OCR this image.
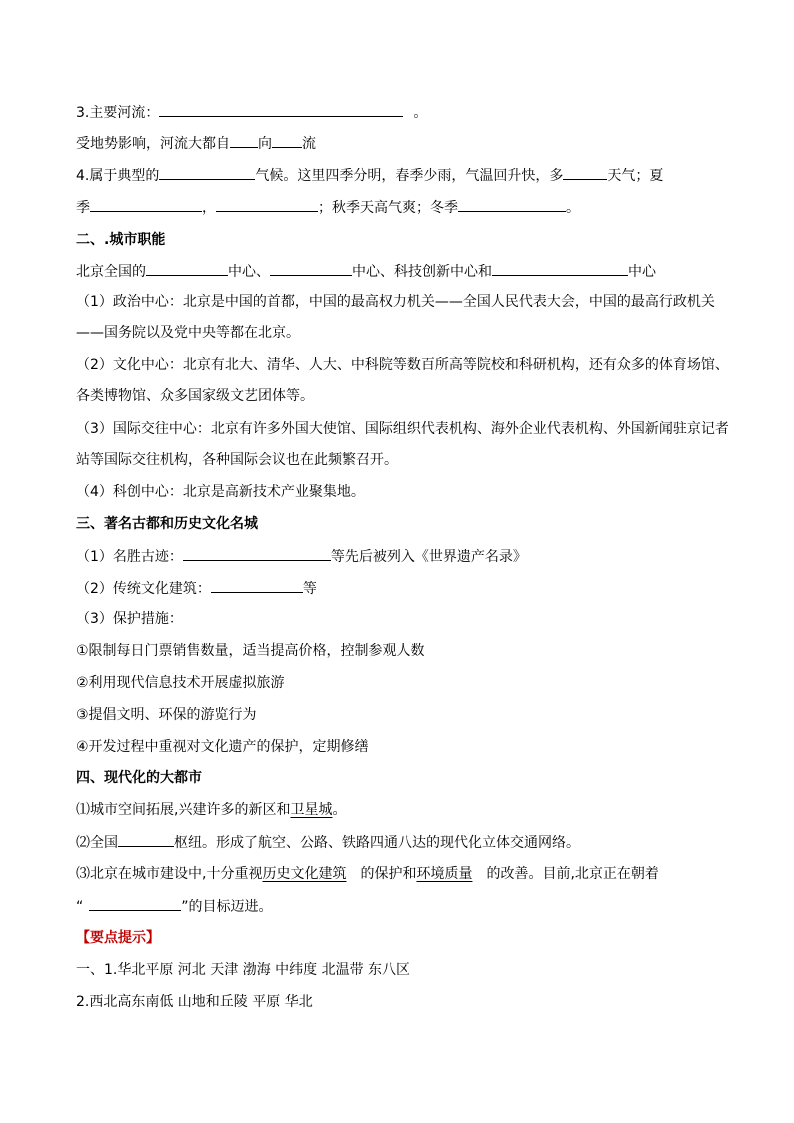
3.主要河流：	。
受地势影响，河流大都自 向 流
4.属于典型的	气候。这里四季分明，春季少雨，气温回升快，多	天气；夏
季	，	；秋季天高气爽；冬季	。
二、.城市职能
北京全国的	中心、	中心、科技创新中心和	中心
（1）政治中心：北京是中国的首都，中国的最高权力机关——全国人民代表大会，中国的最高行政机关
——国务院以及党中央等都在北京。
（2）文化中心：北京有北大、清华、人大、中科院等数百所高等院校和科研机构，还有众多的体育场馆、
各类博物馆、众多国家级文艺团体等。
（3）国际交往中心：北京有许多外国大使馆、国际组织代表机构、海外企业代表机构、外国新闻驻京记者
站等国际交往机构，各种国际会议也在此频繁召开。
（4）科创中心：北京是高新技术产业聚集地。
三、著名古都和历史文化名城
（1）名胜古迹：	等先后被列入《世界遗产名录》
（2）传统文化建筑：	等
（3）保护措施：
①限制每日门票销售数量，适当提高价格，控制参观人数
②利用现代信息技术开展虚拟旅游
③提倡文明、环保的游览行为
④开发过程中重视对文化遗产的保护，定期修缮
四、现代化的大都市
⑴城市空间拓展,兴建许多的新区和卫星城。
⑵全国	枢纽。形成了航空、公路、铁路四通八达的现代化立体交通网络。
⑶北京在城市建设中,十分重视历史文化建筑 的保护和环境质量 的改善。目前,北京正在朝着
“	”的目标迈进。
【要点提示】
一、1.华北平原 河北 天津 渤海 中纬度 北温带 东八区
2.西北高东南低 山地和丘陵 平原 华北
